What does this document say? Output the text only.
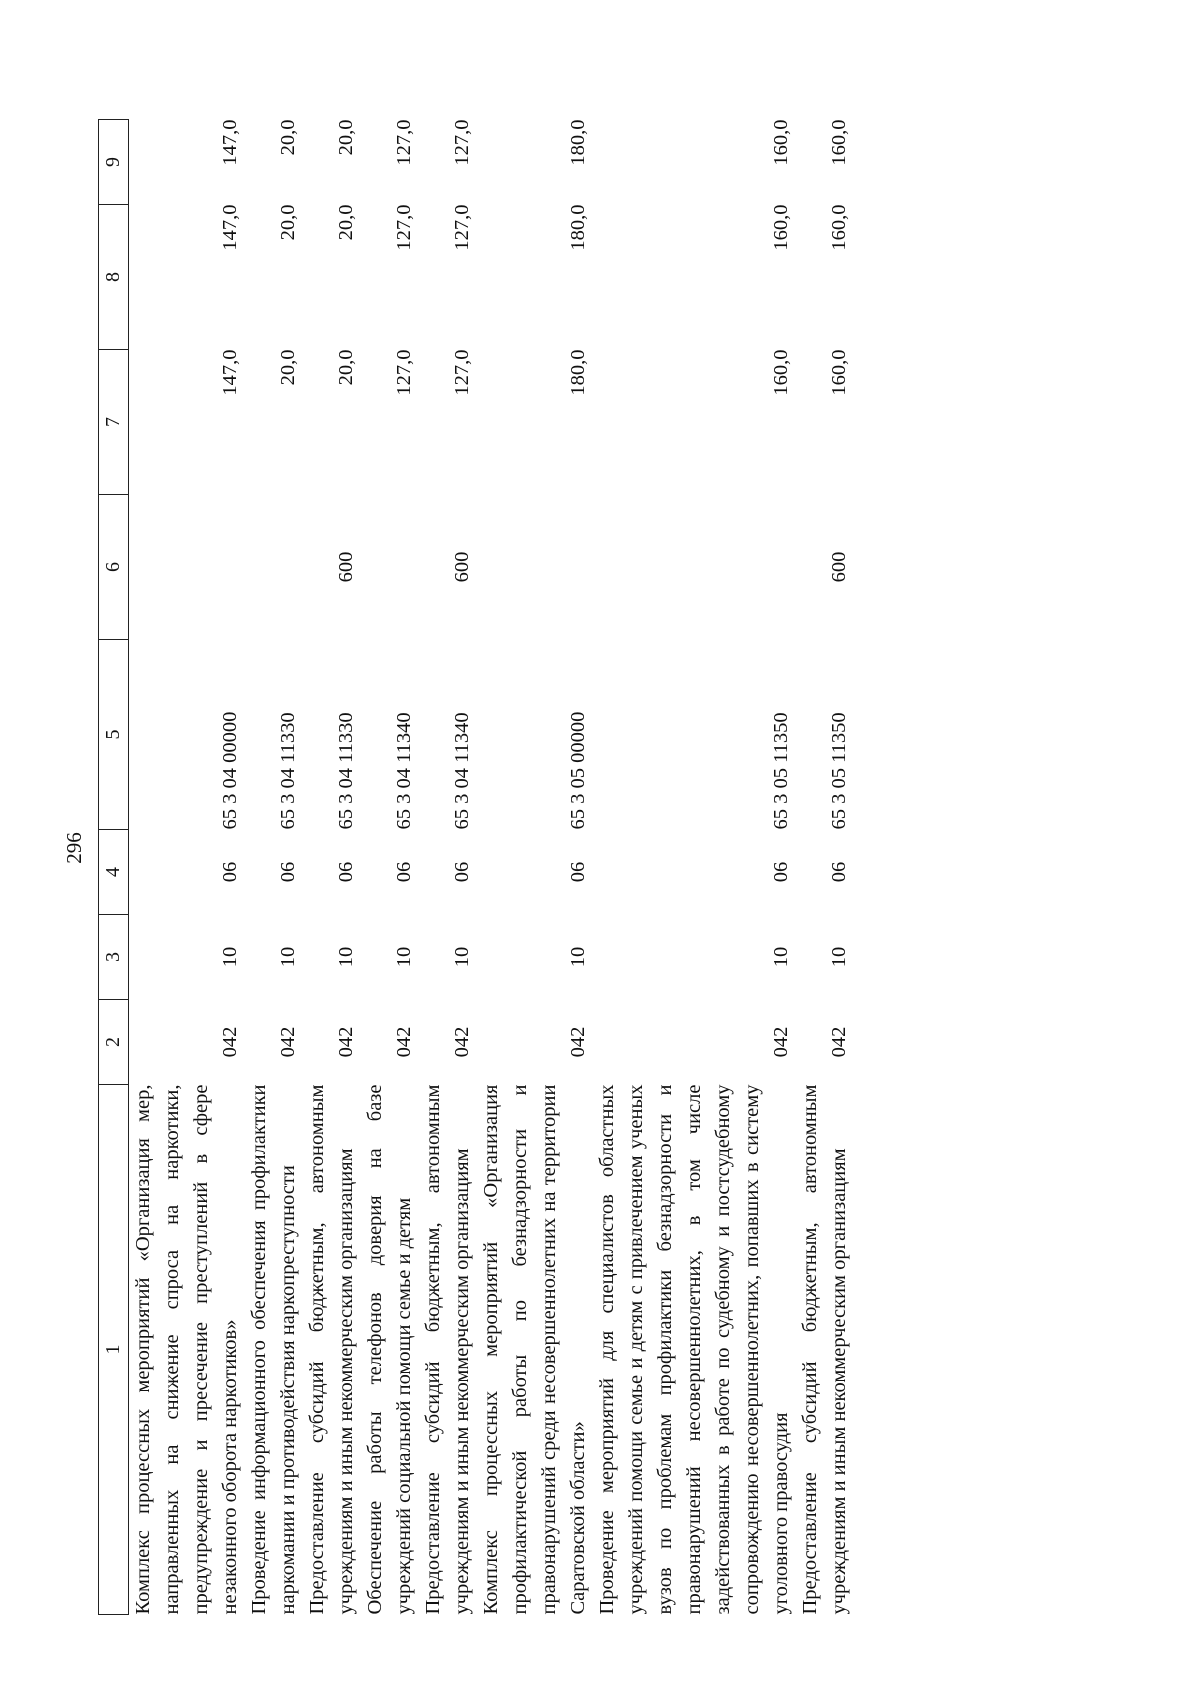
296
1	2	3	4	5	6	7	8	9
Комплекс процессных мероприятий «Организация мер, направленных на снижение спроса на наркотики, предупреждение и пресечение преступлений в сфере незаконного оборота наркотиков»	042	10	06	65 3 04 00000		147,0	147,0	147,0
Проведение информационного обеспечения профилактики наркомании и противодействия наркопреступности	042	10	06	65 3 04 11330		20,0	20,0	20,0
Предоставление субсидий бюджетным, автономным учреждениям и иным некоммерческим организациям	042	10	06	65 3 04 11330	600	20,0	20,0	20,0
Обеспечение работы телефонов доверия на базе учреждений социальной помощи семье и детям	042	10	06	65 3 04 11340		127,0	127,0	127,0
Предоставление субсидий бюджетным, автономным учреждениям и иным некоммерческим организациям	042	10	06	65 3 04 11340	600	127,0	127,0	127,0
Комплекс процессных мероприятий «Организация профилактической работы по безнадзорности и правонарушений среди несовершеннолетних на территории Саратовской области»	042	10	06	65 3 05 00000		180,0	180,0	180,0
Проведение мероприятий для специалистов областных учреждений помощи семье и детям с привлечением ученых вузов по проблемам профилактики безнадзорности и правонарушений несовершеннолетних, в том числе задействованных в работе по судебному и постсудебному сопровождению несовершеннолетних, попавших в систему уголовного правосудия	042	10	06	65 3 05 11350		160,0	160,0	160,0
Предоставление субсидий бюджетным, автономным учреждениям и иным некоммерческим организациям	042	10	06	65 3 05 11350	600	160,0	160,0	160,0
